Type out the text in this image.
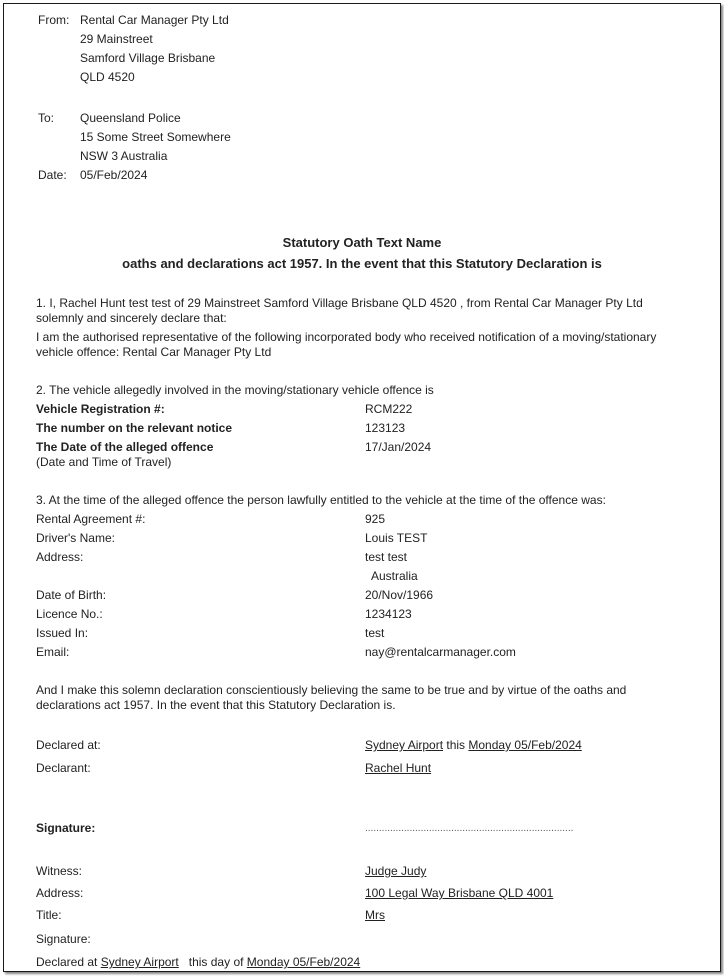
From: Rental Car Manager Pty Ltd
29 Mainstreet
Samford Village Brisbane
QLD 4520
To: Queensland Police
15 Some Street Somewhere
NSW 3 Australia
Date: 05/Feb/2024
Statutory Oath Text Name
oaths and declarations act 1957. In the event that this Statutory Declaration is
1. I, Rachel Hunt test test of 29 Mainstreet Samford Village Brisbane QLD 4520 , from Rental Car Manager Pty Ltd solemnly and sincerely declare that:
I am the authorised representative of the following incorporated body who received notification of a moving/stationary vehicle offence: Rental Car Manager Pty Ltd
2. The vehicle allegedly involved in the moving/stationary vehicle offence is
Vehicle Registration #:	RCM222
The number on the relevant notice	123123
The Date of the alleged offence	17/Jan/2024
(Date and Time of Travel)
3. At the time of the alleged offence the person lawfully entitled to the vehicle at the time of the offence was:
Rental Agreement #:	925
Driver's Name:	Louis TEST
Address:	test test
Australia
Date of Birth:	20/Nov/1966
Licence No.:	1234123
Issued In:	test
Email:	nay@rentalcarmanager.com
And I make this solemn declaration conscientiously believing the same to be true and by virtue of the oaths and declarations act 1957. In the event that this Statutory Declaration is.
Declared at:	Sydney Airport this Monday 05/Feb/2024
Declarant:	Rachel Hunt
Signature:	...........................................................................
Witness:	Judge Judy
Address:	100 Legal Way Brisbane QLD 4001
Title:	Mrs
Signature:
Declared at Sydney Airport   this day of Monday 05/Feb/2024
